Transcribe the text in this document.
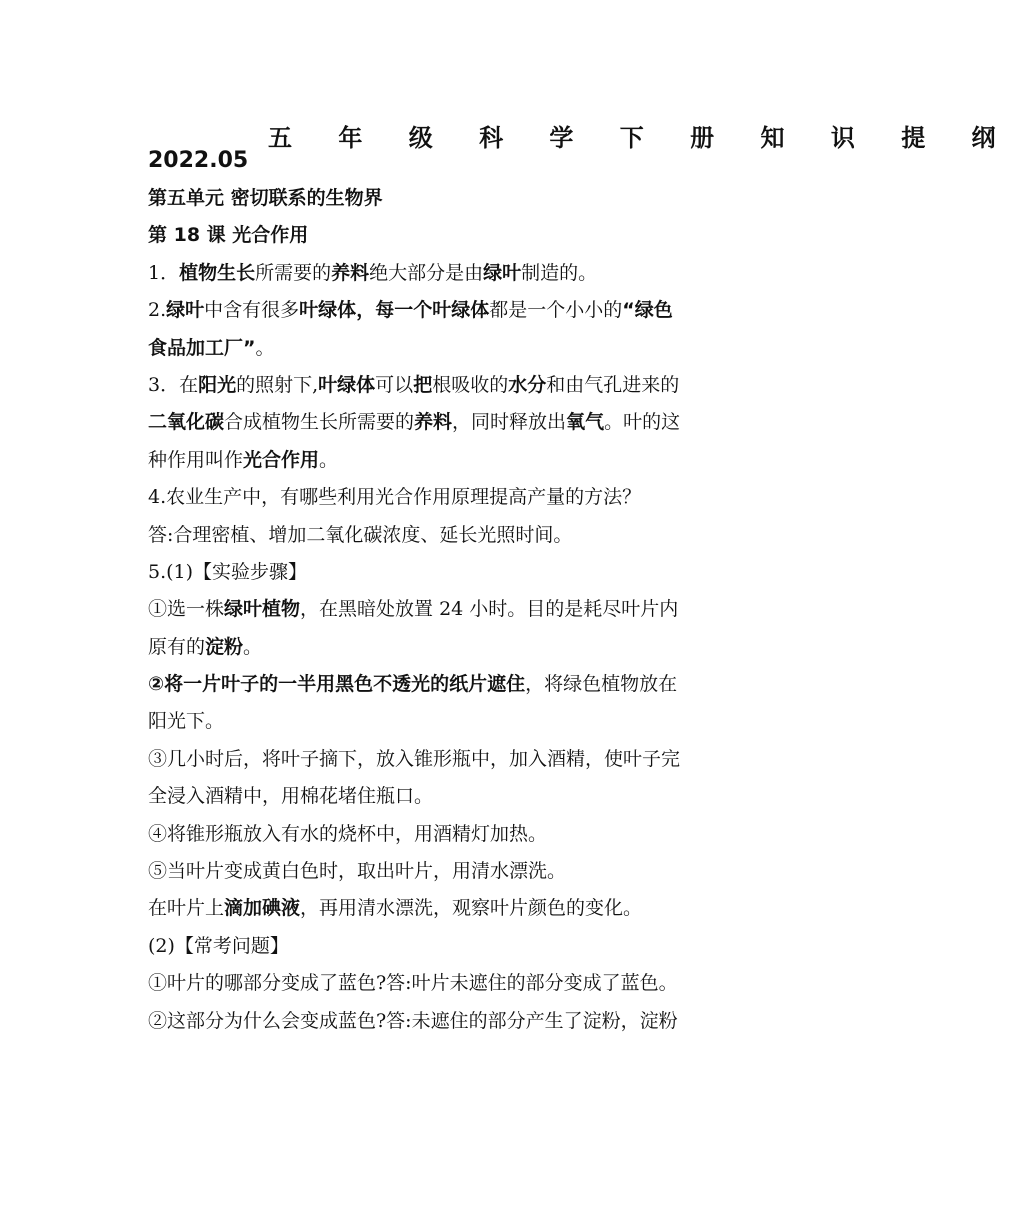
五 年 级 科 学 下 册 知 识 提 纲
2022.05
第五单元 密切联系的生物界
第 18 课 光合作用
1．植物生长所需要的养料绝大部分是由绿叶制造的。
2.绿叶中含有很多叶绿体，每一个叶绿体都是一个小小的“绿色
食品加工厂”。
3．在阳光的照射下,叶绿体可以把根吸收的水分和由气孔进来的
二氧化碳合成植物生长所需要的养料，同时释放出氧气。叶的这
种作用叫作光合作用。
4.农业生产中，有哪些利用光合作用原理提高产量的方法？
答:合理密植、增加二氧化碳浓度、延长光照时间。
5.(1)【实验步骤】
①选一株绿叶植物，在黑暗处放置 24 小时。目的是耗尽叶片内
原有的淀粉。
②将一片叶子的一半用黑色不透光的纸片遮住，将绿色植物放在
阳光下。
③几小时后，将叶子摘下，放入锥形瓶中，加入酒精，使叶子完
全浸入酒精中，用棉花堵住瓶口。
④将锥形瓶放入有水的烧杯中，用酒精灯加热。
⑤当叶片变成黄白色时，取出叶片，用清水漂洗。
在叶片上滴加碘液，再用清水漂洗，观察叶片颜色的变化。
(2)【常考问题】
①叶片的哪部分变成了蓝色?答:叶片未遮住的部分变成了蓝色。
②这部分为什么会变成蓝色?答:未遮住的部分产生了淀粉，淀粉
